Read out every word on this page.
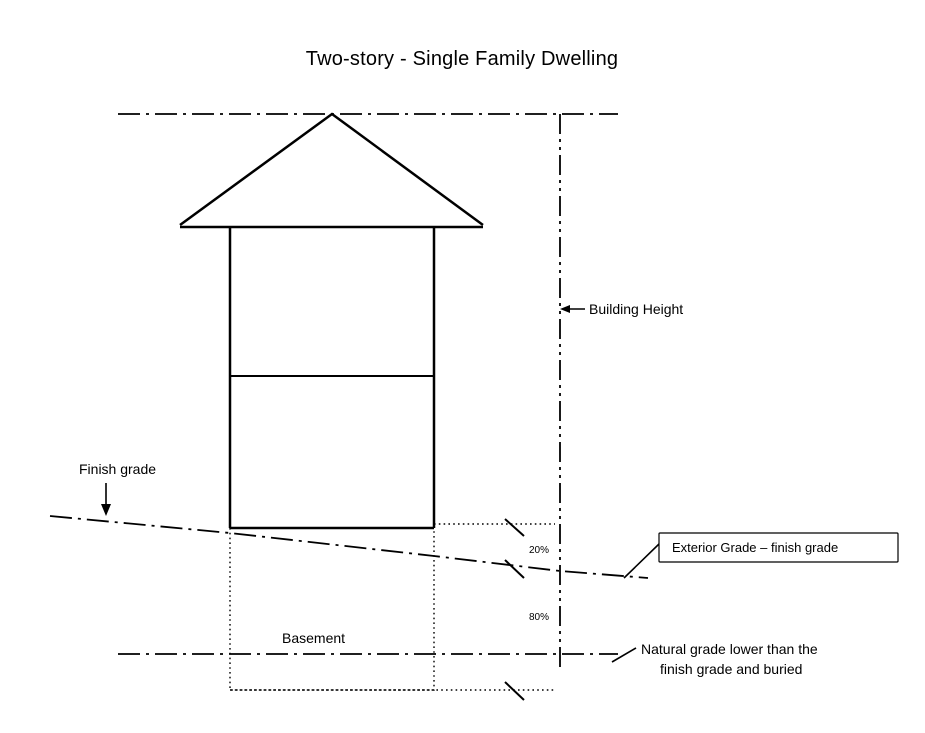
Two-story - Single Family Dwelling
Building Height
Finish grade
20%
80%
Basement
Exterior Grade – finish grade
Natural grade lower than the
finish grade and buried
